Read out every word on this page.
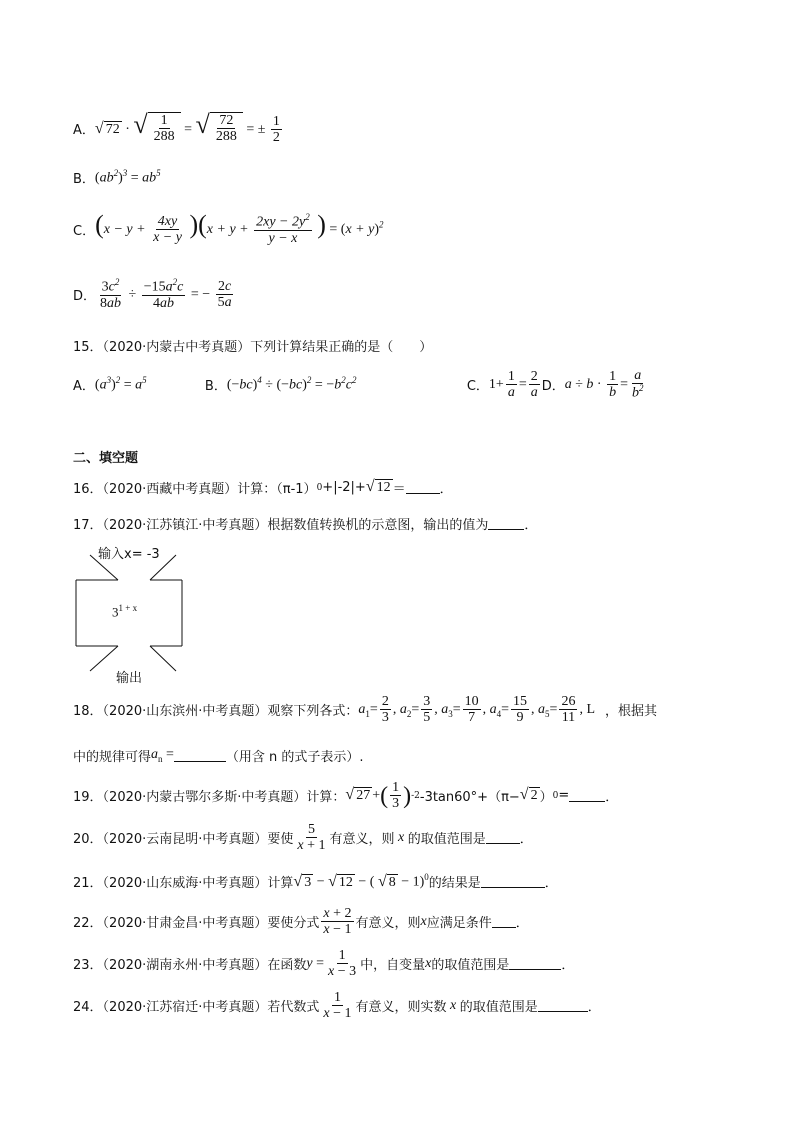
A． √ 72 · √ $\frac{1}{288}$ = √ $\frac{72}{288}$ = ± $\frac{1}{2}$
B． $(ab^2)^3 = ab^5$
C． $(x - y + \frac{4xy}{x - y} )(x + y + \frac{2xy - 2y^2}{y - x}$ ) = $(x + y)^2$
D． $\frac{3c^2}{8ab} \div \frac{-15a^2c}{4ab}$ = − $\frac{2c}{5a}$
15．（2020·内蒙古中考真题）下列计算结果正确的是（　　）
A． $(a^3)^2 = a^5$	B． $(-bc)^4 \div (-bc)^2 = -b^2c^2$	C． $1+ \frac{1}{a} = \frac{2}{a}$ D． $a \div b \cdot \frac{1}{b} = \frac{a}{b^2}$
二、填空题
16．（2020·西藏中考真题）计算：（π-1） 0 +|-2|+ √ 12 ＝	．
17．（2020·江苏镇江·中考真题）根据数值转换机的示意图，输出的值为	．
输入x= -3
$3^{1 + x}$
输出
18．（2020·山东滨州·中考真题）观察下列各式： $a_1= \frac{2}{3}$ , $a_2= \frac{3}{5}$ , $a_3= \frac{10}{7}$ , $a_4= \frac{15}{9}$ , $a_5= \frac{26}{11}$ , L ，根据其
中的规律可得 $a_n$ =	（用含 n 的式子表示）.
19．（2020·内蒙古鄂尔多斯·中考真题）计算： √ 27 + ( $\frac{1}{3}$ ) -2 -3tan60°+（π− √ 2 ） 0 =	．
20．（2020·云南昆明·中考真题）要使 $\frac{5}{x + 1}$ 有意义，则 x 的取值范围是	．
21．（2020·山东威海·中考真题）计算 √ 3 − √ 12 − ( √ 8 − 1)$^0$ 的结果是	．
22．（2020·甘肃金昌·中考真题）要使分式 $\frac{x + 2}{x - 1}$ 有意义，则 x 应满足条件 ．
23．（2020·湖南永州·中考真题）在函数 $y = \frac{1}{x - 3}$ 中，自变量 x 的取值范围是	．
24．（2020·江苏宿迁·中考真题）若代数式 $\frac{1}{x - 1}$ 有意义，则实数 x 的取值范围是	．
